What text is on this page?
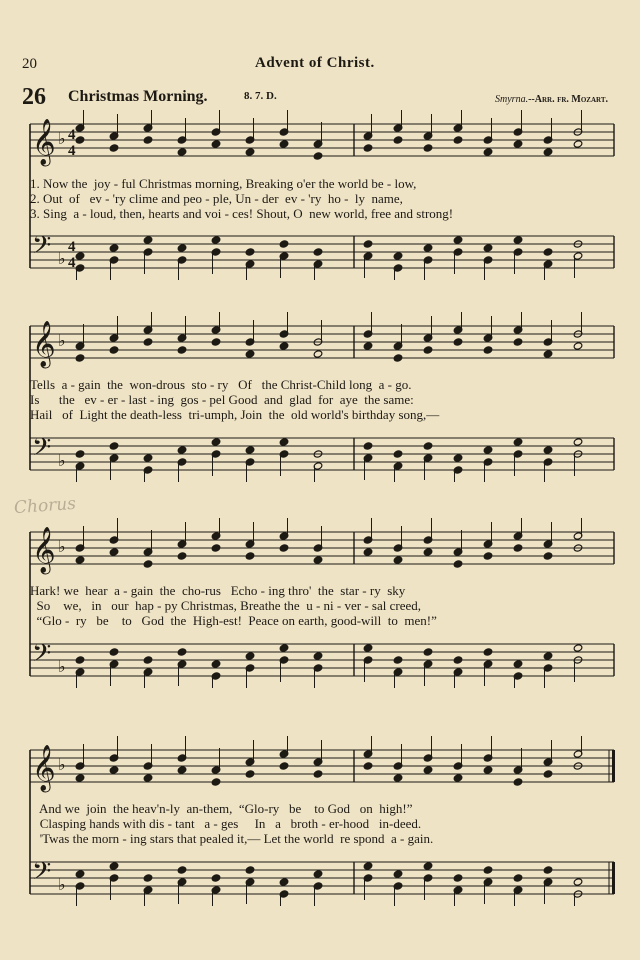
20	Advent of Christ.
26 Christmas Morning.	8. 7. D.	Smyrna.--Arr. fr. Mozart.
Chorus
𝄞 ♭ 4
4
𝄢 ♭
4
4
1. Now the  joy - ful Christmas morning, Breaking o'er the world be - low,
2. Out  of   ev - 'ry clime and peo - ple, Un - der  ev - 'ry  ho -  ly  name,
3. Sing  a - loud, then, hearts and voi - ces! Shout, O  new world, free and strong!
𝄞 ♭
𝄢 ♭
Tells  a - gain  the  won-drous  sto - ry   Of   the Christ-Child long  a - go.
Is      the   ev - er - last - ing  gos - pel Good  and  glad  for  aye  the same:
Hail   of  Light the death-less  tri-umph, Join  the  old world's birthday song,—
𝄞 ♭
𝄢 ♭
Hark! we  hear  a - gain  the  cho-rus   Echo - ing thro'  the  star - ry  sky
So    we,   in   our  hap - py Christmas, Breathe the  u - ni - ver - sal creed,
“Glo -  ry   be    to   God  the  High-est!  Peace on earth, good-will  to  men!”
𝄞 ♭
𝄢 ♭
And we  join  the heav'n-ly  an-them,  “Glo-ry   be    to God   on  high!”
Clasping hands with dis - tant   a - ges     In   a   broth - er-hood   in-deed.
'Twas the morn - ing stars that pealed it,— Let the world  re spond  a - gain.
